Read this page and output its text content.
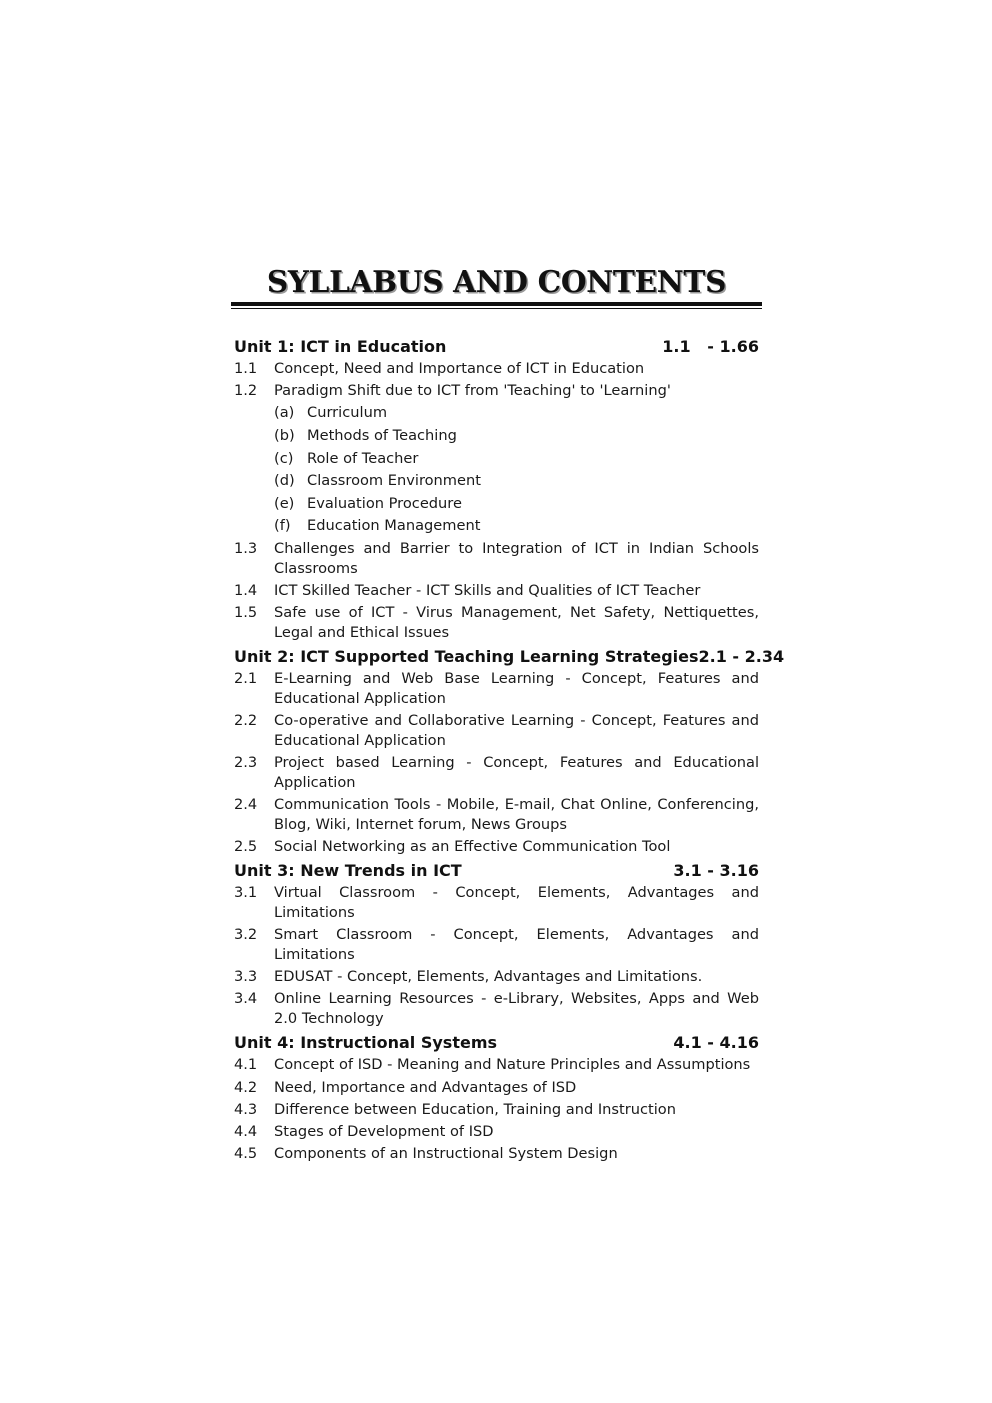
SYLLABUS AND CONTENTS
Unit 1: ICT in Education	1.1   - 1.66
1.1	Concept, Need and Importance of ICT in Education
1.2	Paradigm Shift due to ICT from 'Teaching' to 'Learning'
(a) Curriculum
(b) Methods of Teaching
(c) Role of Teacher
(d) Classroom Environment
(e) Evaluation Procedure
(f)	Education Management
1.3	Challenges and Barrier to Integration of ICT in Indian Schools Classrooms
1.4	ICT Skilled Teacher - ICT Skills and Qualities of ICT Teacher
1.5	Safe use of ICT - Virus Management, Net Safety, Nettiquettes, Legal and Ethical Issues
Unit 2: ICT Supported Teaching Learning Strategies 2.1 - 2.34
2.1	E-Learning and Web Base Learning - Concept, Features and Educational Application
2.2	Co-operative and Collaborative Learning - Concept, Features and Educational Application
2.3	Project based Learning - Concept, Features and Educational Application
2.4	Communication Tools - Mobile, E-mail, Chat Online, Conferencing, Blog, Wiki, Internet forum, News Groups
2.5	Social Networking as an Effective Communication Tool
Unit 3: New Trends in ICT	3.1 - 3.16
3.1	Virtual Classroom - Concept, Elements, Advantages and Limitations
3.2	Smart Classroom - Concept, Elements, Advantages and Limitations
3.3	EDUSAT - Concept, Elements, Advantages and Limitations.
3.4	Online Learning Resources - e-Library, Websites, Apps and Web 2.0 Technology
Unit 4: Instructional Systems	4.1 - 4.16
4.1	Concept of ISD - Meaning and Nature Principles and Assumptions
4.2	Need, Importance and Advantages of ISD
4.3	Difference between Education, Training and Instruction
4.4	Stages of Development of ISD
4.5	Components of an Instructional System Design
